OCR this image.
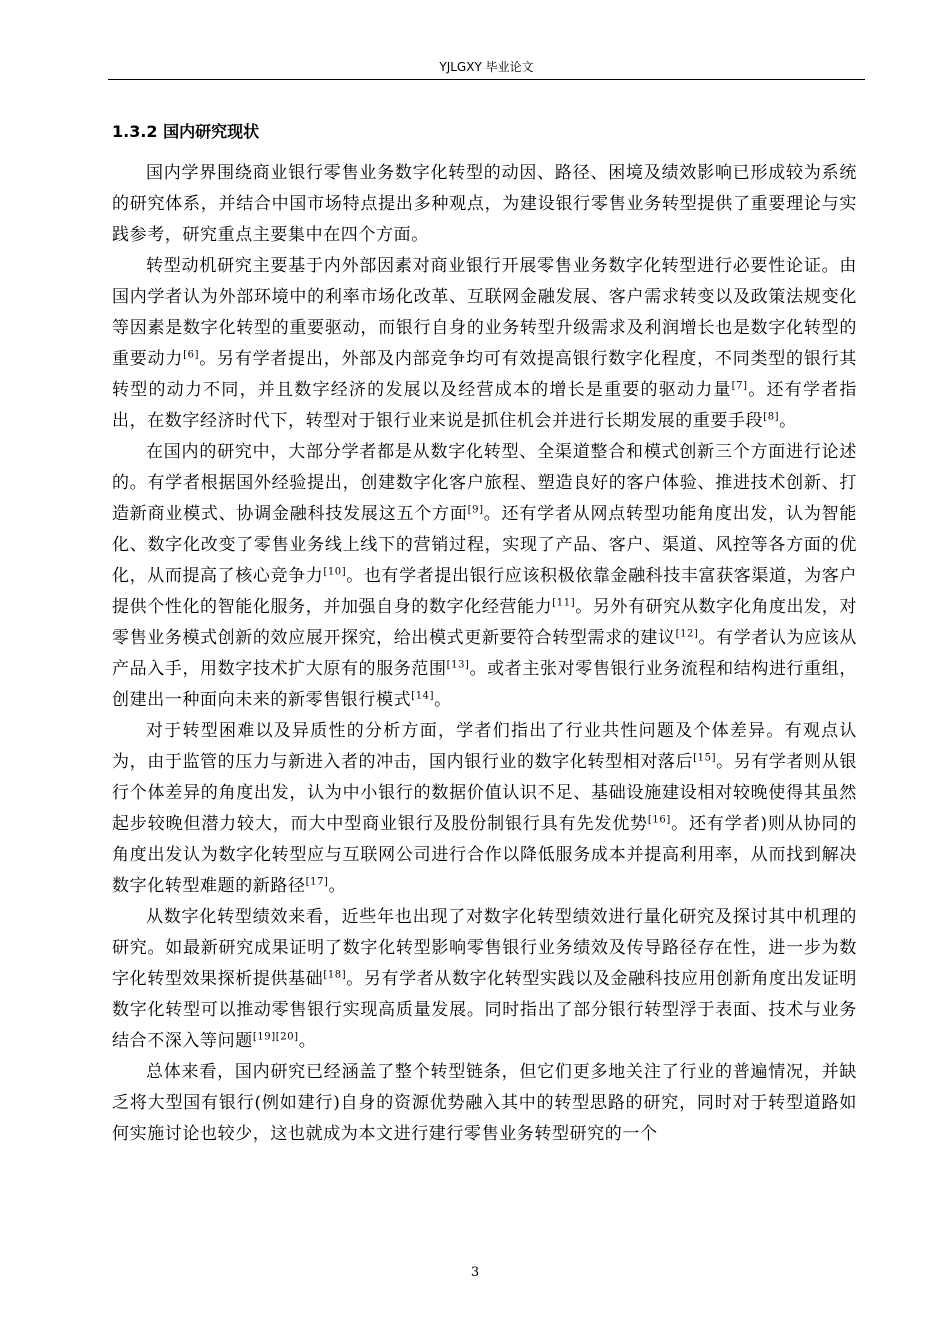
YJLGXY 毕业论文
1.3.2 国内研究现状

国内学界围绕商业银行零售业务数字化转型的动因、路径、困境及绩效影响已形成较为系统的研究体系，并结合中国市场特点提出多种观点，为建设银行零售业务转型提供了重要理论与实践参考，研究重点主要集中在四个方面。

转型动机研究主要基于内外部因素对商业银行开展零售业务数字化转型进行必要性论证。由国内学者认为外部环境中的利率市场化改革、互联网金融发展、客户需求转变以及政策法规变化等因素是数字化转型的重要驱动，而银行自身的业务转型升级需求及利润增长也是数字化转型的重要动力[6]。另有学者提出，外部及内部竞争均可有效提高银行数字化程度，不同类型的银行其转型的动力不同，并且数字经济的发展以及经营成本的增长是重要的驱动力量[7]。还有学者指出，在数字经济时代下，转型对于银行业来说是抓住机会并进行长期发展的重要手段[8]。

在国内的研究中，大部分学者都是从数字化转型、全渠道整合和模式创新三个方面进行论述的。有学者根据国外经验提出，创建数字化客户旅程、塑造良好的客户体验、推进技术创新、打造新商业模式、协调金融科技发展这五个方面[9]。还有学者从网点转型功能角度出发，认为智能化、数字化改变了零售业务线上线下的营销过程，实现了产品、客户、渠道、风控等各方面的优化，从而提高了核心竞争力[10]。也有学者提出银行应该积极依靠金融科技丰富获客渠道，为客户提供个性化的智能化服务，并加强自身的数字化经营能力[11]。另外有研究从数字化角度出发，对零售业务模式创新的效应展开探究，给出模式更新要符合转型需求的建议[12]。有学者认为应该从产品入手，用数字技术扩大原有的服务范围[13]。或者主张对零售银行业务流程和结构进行重组，创建出一种面向未来的新零售银行模式[14]。

对于转型困难以及异质性的分析方面，学者们指出了行业共性问题及个体差异。有观点认为，由于监管的压力与新进入者的冲击，国内银行业的数字化转型相对落后[15]。另有学者则从银行个体差异的角度出发，认为中小银行的数据价值认识不足、基础设施建设相对较晚使得其虽然起步较晚但潜力较大，而大中型商业银行及股份制银行具有先发优势[16]。还有学者)则从协同的角度出发认为数字化转型应与互联网公司进行合作以降低服务成本并提高利用率，从而找到解决数字化转型难题的新路径[17]。

从数字化转型绩效来看，近些年也出现了对数字化转型绩效进行量化研究及探讨其中机理的研究。如最新研究成果证明了数字化转型影响零售银行业务绩效及传导路径存在性，进一步为数字化转型效果探析提供基础[18]。另有学者从数字化转型实践以及金融科技应用创新角度出发证明数字化转型可以推动零售银行实现高质量发展。同时指出了部分银行转型浮于表面、技术与业务结合不深入等问题[19][20]。

总体来看，国内研究已经涵盖了整个转型链条，但它们更多地关注了行业的普遍情况，并缺乏将大型国有银行(例如建行)自身的资源优势融入其中的转型思路的研究，同时对于转型道路如何实施讨论也较少，这也就成为本文进行建行零售业务转型研究的一个

3
